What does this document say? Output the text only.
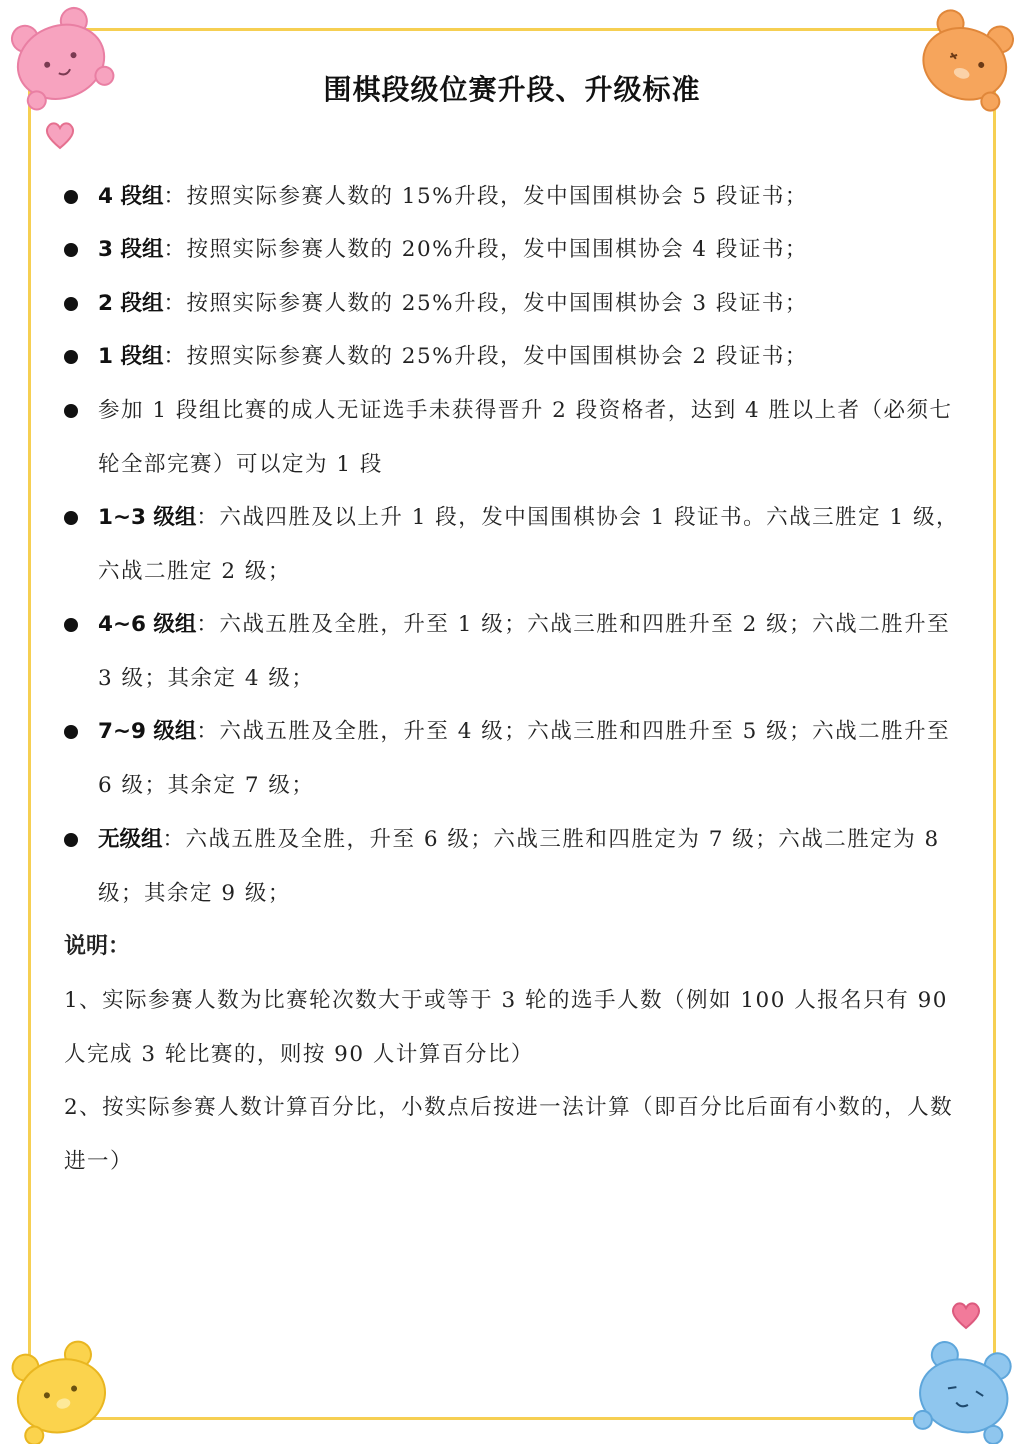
围棋段级位赛升段、升级标准
4 段组：按照实际参赛人数的 15%升段，发中国围棋协会 5 段证书；
3 段组：按照实际参赛人数的 20%升段，发中国围棋协会 4 段证书；
2 段组：按照实际参赛人数的 25%升段，发中国围棋协会 3 段证书；
1 段组：按照实际参赛人数的 25%升段，发中国围棋协会 2 段证书；
参加 1 段组比赛的成人无证选手未获得晋升 2 段资格者，达到 4 胜以上者（必须七轮全部完赛）可以定为 1 段
1~3 级组：六战四胜及以上升 1 段，发中国围棋协会 1 段证书。六战三胜定 1 级，六战二胜定 2 级；
4~6 级组：六战五胜及全胜，升至 1 级；六战三胜和四胜升至 2 级；六战二胜升至 3 级；其余定 4 级；
7~9 级组：六战五胜及全胜，升至 4 级；六战三胜和四胜升至 5 级；六战二胜升至 6 级；其余定 7 级；
无级组：六战五胜及全胜，升至 6 级；六战三胜和四胜定为 7 级；六战二胜定为 8 级；其余定 9 级；
说明：
1、实际参赛人数为比赛轮次数大于或等于 3 轮的选手人数（例如 100 人报名只有 90 人完成 3 轮比赛的，则按 90 人计算百分比）
2、按实际参赛人数计算百分比，小数点后按进一法计算（即百分比后面有小数的，人数进一）
